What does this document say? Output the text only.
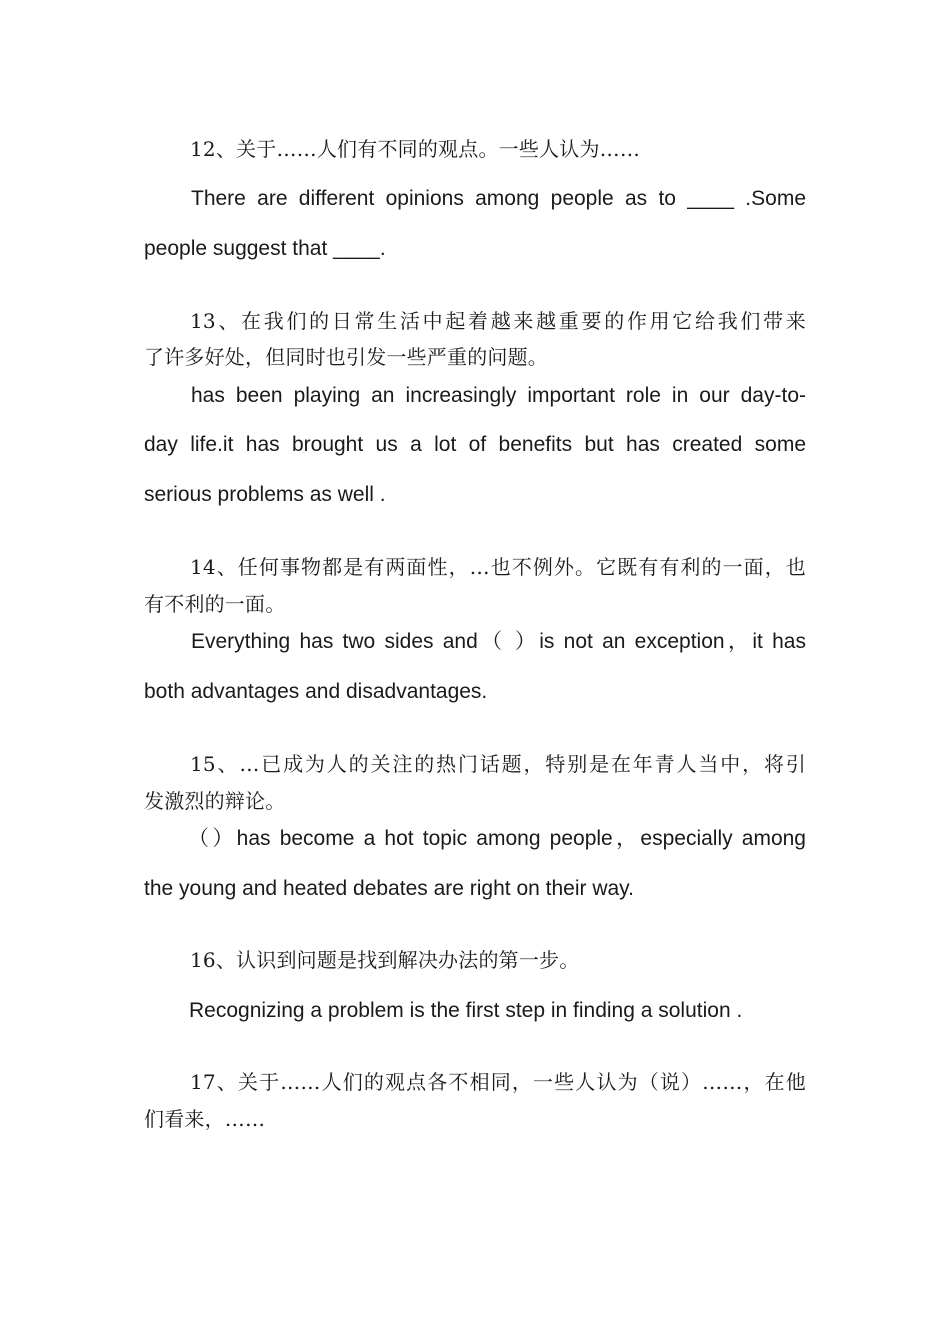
12、关于……人们有不同的观点。一些人认为……
There are different opinions among people as to ____ .Some
people suggest that ____.
13、在我们的日常生活中起着越来越重要的作用它给我们带来
了许多好处，但同时也引发一些严重的问题。
has been playing an increasingly important role in our day-to-
day life.it has brought us a lot of benefits but has created some
serious problems as well .
14、任何事物都是有两面性，…也不例外。它既有有利的一面，也
有不利的一面。
Everything has two sides and（ ）is not an exception，it has
both advantages and disadvantages.
15、…已成为人的关注的热门话题，特别是在年青人当中，将引
发激烈的辩论。
（）has become a hot topic among people，especially among
the young and heated debates are right on their way.
16、认识到问题是找到解决办法的第一步。
Recognizing a problem is the first step in finding a solution .
17、关于……人们的观点各不相同，一些人认为（说）……，在他
们看来，……
